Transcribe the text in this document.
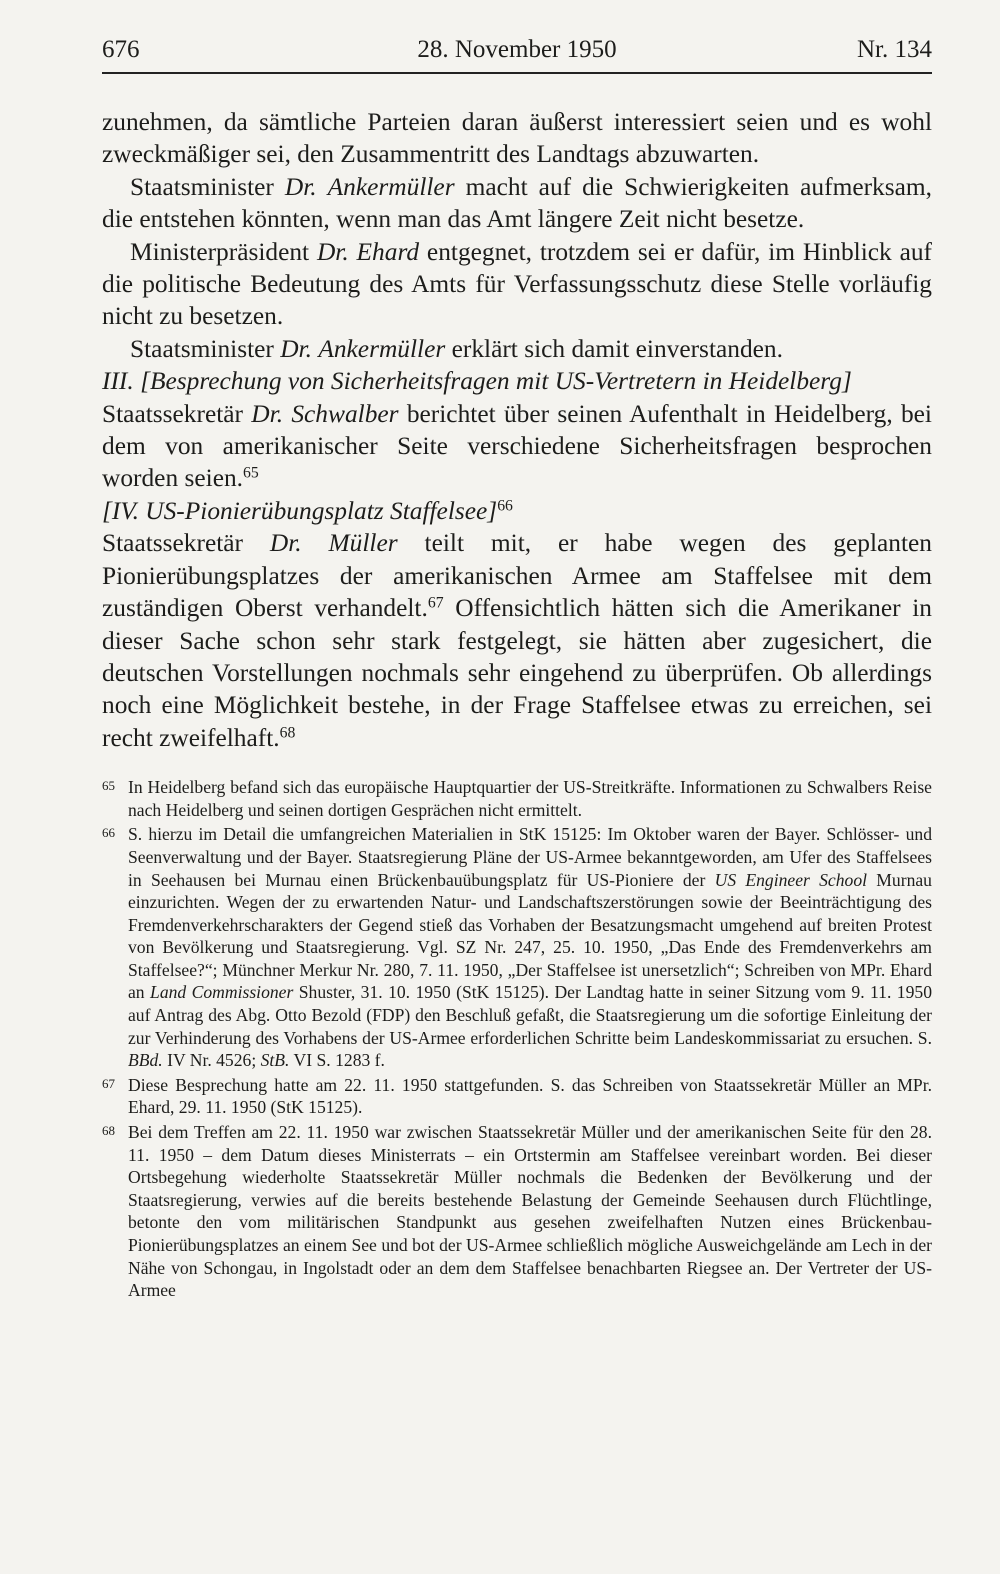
676	28. November 1950	Nr. 134

zunehmen, da sämtliche Parteien daran äußerst interessiert seien und es wohl zweckmäßiger sei, den Zusammentritt des Landtags abzuwarten.

Staatsminister Dr. Ankermüller macht auf die Schwierigkeiten aufmerksam, die entstehen könnten, wenn man das Amt längere Zeit nicht besetze.

Ministerpräsident Dr. Ehard entgegnet, trotzdem sei er dafür, im Hinblick auf die politische Bedeutung des Amts für Verfassungsschutz diese Stelle vorläufig nicht zu besetzen.

Staatsminister Dr. Ankermüller erklärt sich damit einverstanden.

III. [Besprechung von Sicherheitsfragen mit US-Vertretern in Heidelberg]

Staatssekretär Dr. Schwalber berichtet über seinen Aufenthalt in Heidelberg, bei dem von amerikanischer Seite verschiedene Sicherheitsfragen besprochen worden seien.$^{65}$

[IV. US-Pionierübungsplatz Staffelsee]$^{66}$

Staatssekretär Dr. Müller teilt mit, er habe wegen des geplanten Pionierübungsplatzes der amerikanischen Armee am Staffelsee mit dem zuständigen Oberst verhandelt.$^{67}$ Offensichtlich hätten sich die Amerikaner in dieser Sache schon sehr stark festgelegt, sie hätten aber zugesichert, die deutschen Vorstellungen nochmals sehr eingehend zu überprüfen. Ob allerdings noch eine Möglichkeit bestehe, in der Frage Staffelsee etwas zu erreichen, sei recht zweifelhaft.$^{68}$

65 In Heidelberg befand sich das europäische Hauptquartier der US-Streitkräfte. Informationen zu Schwalbers Reise nach Heidelberg und seinen dortigen Gesprächen nicht ermittelt.
66 S. hierzu im Detail die umfangreichen Materialien in StK 15125: Im Oktober waren der Bayer. Schlösser- und Seenverwaltung und der Bayer. Staatsregierung Pläne der US-Armee bekanntgeworden, am Ufer des Staffelsees in Seehausen bei Murnau einen Brückenbauübungsplatz für US-Pioniere der US Engineer School Murnau einzurichten. Wegen der zu erwartenden Natur- und Landschaftszerstörungen sowie der Beeinträchtigung des Fremdenverkehrscharakters der Gegend stieß das Vorhaben der Besatzungsmacht umgehend auf breiten Protest von Bevölkerung und Staatsregierung. Vgl. SZ Nr. 247, 25. 10. 1950, „Das Ende des Fremdenverkehrs am Staffelsee?“; Münchner Merkur Nr. 280, 7. 11. 1950, „Der Staffelsee ist unersetzlich“; Schreiben von MPr. Ehard an Land Commissioner Shuster, 31. 10. 1950 (StK 15125). Der Landtag hatte in seiner Sitzung vom 9. 11. 1950 auf Antrag des Abg. Otto Bezold (FDP) den Beschluß gefaßt, die Staatsregierung um die sofortige Einleitung der zur Verhinderung des Vorhabens der US-Armee erforderlichen Schritte beim Landeskommissariat zu ersuchen. S. BBd. IV Nr. 4526; StB. VI S. 1283 f.
67 Diese Besprechung hatte am 22. 11. 1950 stattgefunden. S. das Schreiben von Staatssekretär Müller an MPr. Ehard, 29. 11. 1950 (StK 15125).
68 Bei dem Treffen am 22. 11. 1950 war zwischen Staatssekretär Müller und der amerikanischen Seite für den 28. 11. 1950 – dem Datum dieses Ministerrats – ein Ortstermin am Staffelsee vereinbart worden. Bei dieser Ortsbegehung wiederholte Staatssekretär Müller nochmals die Bedenken der Bevölkerung und der Staatsregierung, verwies auf die bereits bestehende Belastung der Gemeinde Seehausen durch Flüchtlinge, betonte den vom militärischen Standpunkt aus gesehen zweifelhaften Nutzen eines Brückenbau-Pionierübungsplatzes an einem See und bot der US-Armee schließlich mögliche Ausweichgelände am Lech in der Nähe von Schongau, in Ingolstadt oder an dem dem Staffelsee benachbarten Riegsee an. Der Vertreter der US-Armee
